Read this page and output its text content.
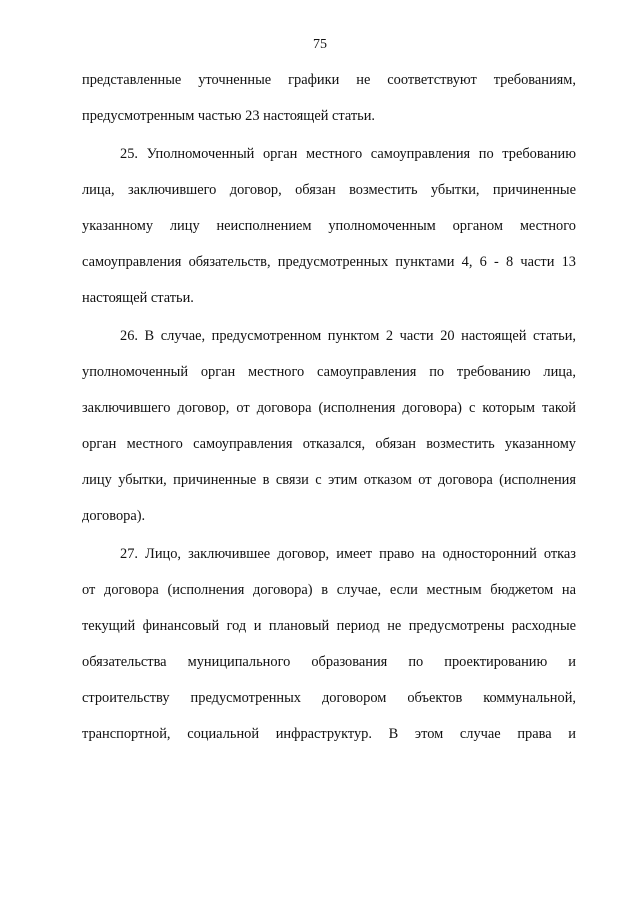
75

представленные уточненные графики не соответствуют требованиям,
предусмотренным частью 23 настоящей статьи.

25. Уполномоченный орган местного самоуправления по требованию
лица, заключившего договор, обязан возместить убытки, причиненные
указанному лицу неисполнением уполномоченным органом местного
самоуправления обязательств, предусмотренных пунктами 4, 6 - 8 части 13
настоящей статьи.

26. В случае, предусмотренном пунктом 2 части 20 настоящей статьи,
уполномоченный орган местного самоуправления по требованию лица,
заключившего договор, от договора (исполнения договора) с которым такой
орган местного самоуправления отказался, обязан возместить указанному
лицу убытки, причиненные в связи с этим отказом от договора (исполнения
договора).

27. Лицо, заключившее договор, имеет право на односторонний отказ
от договора (исполнения договора) в случае, если местным бюджетом на
текущий финансовый год и плановый период не предусмотрены расходные
обязательства муниципального образования по проектированию и
строительству предусмотренных договором объектов коммунальной,
транспортной, социальной инфраструктур. В этом случае права и
